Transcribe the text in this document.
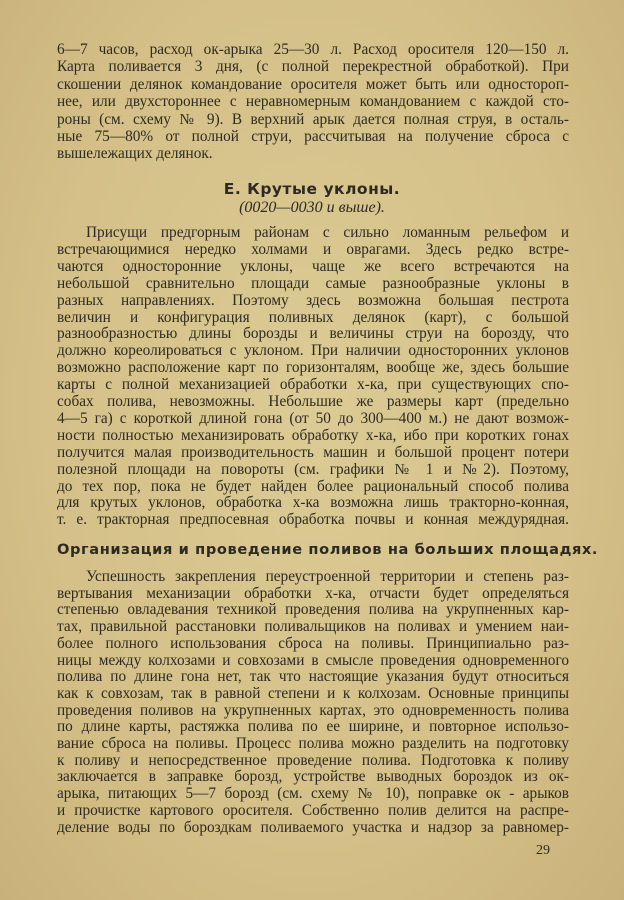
6—7 часов, расход ок-арыка 25—30 л. Расход оросителя 120—150 л.
Карта поливается 3 дня, (с полной перекрестной обработкой). При
скошении делянок командование оросителя может быть или одностороп-
нее, или двухстороннее с неравномерным командованием с каждой сто-
роны (см. схему № 9). В верхний арык дается полная струя, в осталь-
ные 75—80% от полной струи, рассчитывая на получение сброса с
вышележащих делянок.
Е. Крутые уклоны.
(0020—0030 и выше).
Присущи предгорным районам с сильно ломанным рельефом и
встречающимися нередко холмами и оврагами. Здесь редко встре-
чаются односторонние уклоны, чаще же всего встречаются на
небольшой сравнительно площади самые разнообразные уклоны в
разных направлениях. Поэтому здесь возможна большая пестрота
величин и конфигурация поливных делянок (карт), с большой
разнообразностью длины борозды и величины струи на борозду, что
должно кореолироваться с уклоном. При наличии односторонних уклонов
возможно расположение карт по горизонталям, вообще же, здесь большие
карты с полной механизацией обработки х-ка, при существующих спо-
собах полива, невозможны. Небольшие же размеры карт (предельно
4—5 га) с короткой длиной гона (от 50 до 300—400 м.) не дают возмож-
ности полностью механизировать обработку х-ка, ибо при коротких гонах
получится малая производительность машин и большой процент потери
полезной площади на повороты (см. графики № 1 и №2). Поэтому,
до тех пор, пока не будет найден более рациональный способ полива
для крутых уклонов, обработка х-ка возможна лишь тракторно-конная,
т. е. тракторная предпосевная обработка почвы и конная междурядная.
Организация и проведение поливов на больших площадях.
Успешность закрепления переустроенной территории и степень раз-
вертывания механизации обработки х-ка, отчасти будет определяться
степенью овладевания техникой проведения полива на укрупненных кар-
тах, правильной расстановки поливальщиков на поливах и умением наи-
более полного использования сброса на поливы. Принципиально раз-
ницы между колхозами и совхозами в смысле проведения одновременного
полива по длине гона нет, так что настоящие указания будут относиться
как к совхозам, так в равной степени и к колхозам. Основные принципы
проведения поливов на укрупненных картах, это одновременность полива
по длине карты, растяжка полива по ее ширине, и повторное использо-
вание сброса на поливы. Процесс полива можно разделить на подготовку
к поливу и непосредственное проведение полива. Подготовка к поливу
заключается в заправке борозд, устройстве выводных бороздок из ок-
арыка, питающих 5—7 борозд (см. схему № 10), поправке ок - арыков
и прочистке картового оросителя. Собственно полив делится на распре-
деление воды по бороздкам поливаемого участка и надзор за равномер-
29
